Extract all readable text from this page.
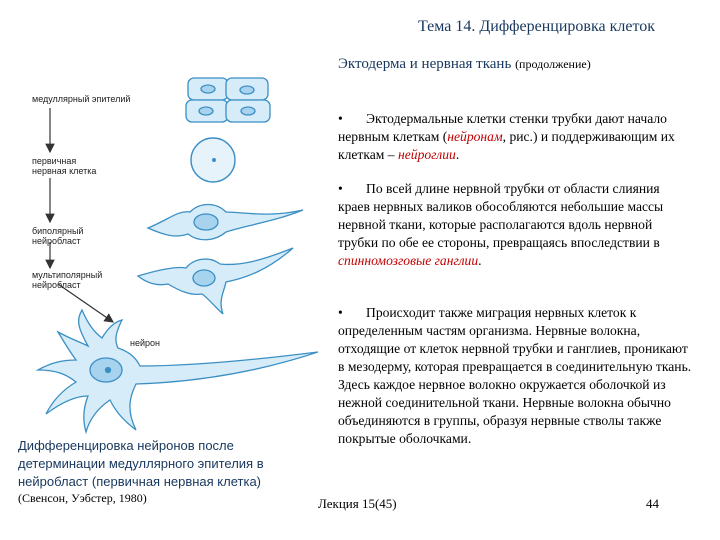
Тема 14. Дифференцировка клеток
Эктодерма и нервная ткань (продолжение)
медуллярный эпителий
первичная
нервная клетка
биполярный
нейробласт
мультиполярный
нейробласт
нейрон
Дифференцировка нейронов после детерминации медуллярного эпителия в нейробласт (первичная нервная клетка)
(Свенсон, Уэбстер, 1980)
• Эктодермальные клетки стенки трубки дают начало нервным клеткам (нейронам, рис.) и поддерживающим их клеткам – нейроглии.
• По всей длине нервной трубки от области слияния краев нервных валиков обособляются небольшие массы нервной ткани, которые располагаются вдоль нервной трубки по обе ее стороны, превращаясь впоследствии в спинномозговые ганглии.
• Происходит также миграция нервных клеток к определенным частям организма. Нервные волокна, отходящие от клеток нервной трубки и ганглиев, проникают в мезодерму, которая превращается в соединительную ткань. Здесь каждое нервное волокно окружается оболочкой из нежной соединительной ткани. Нервные волокна обычно объединяются в группы, образуя нервные стволы также покрытые оболочками.
Лекция 15(45)	44
